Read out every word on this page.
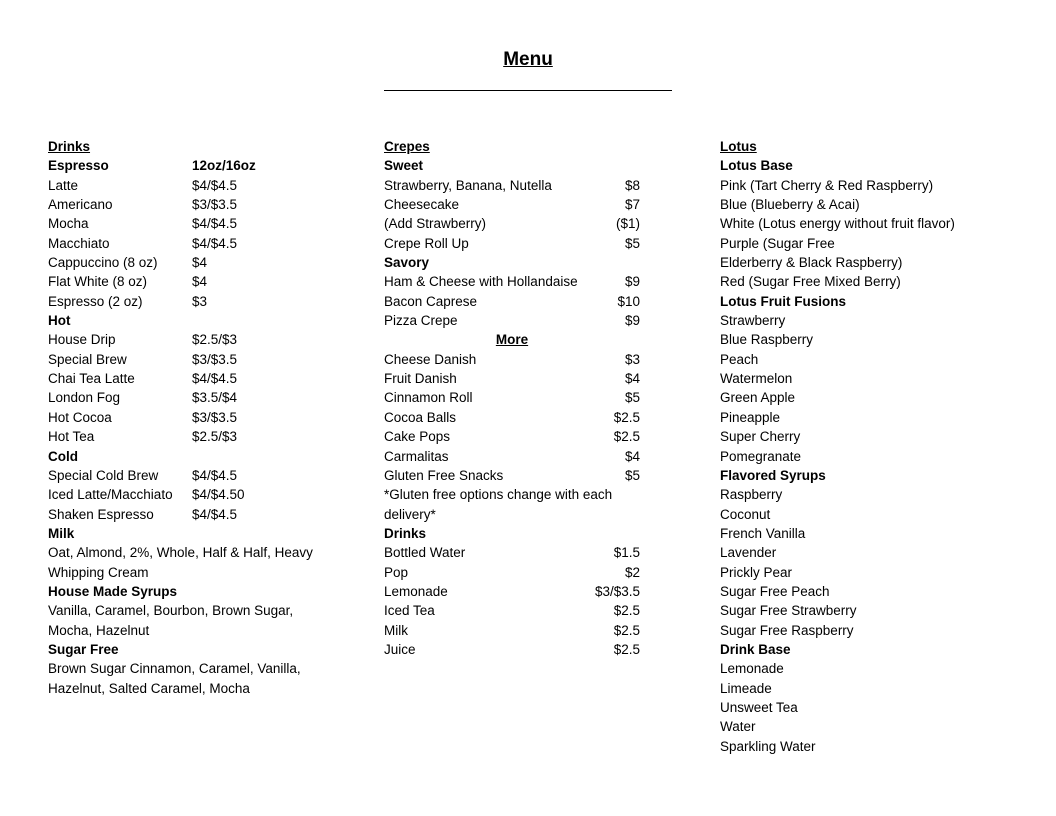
Menu
Drinks
Espresso	12oz/16oz
Latte	$4/$4.5
Americano	$3/$3.5
Mocha	$4/$4.5
Macchiato	$4/$4.5
Cappuccino (8 oz)	$4
Flat White (8 oz)	$4
Espresso (2 oz)	$3
Hot
House Drip	$2.5/$3
Special Brew	$3/$3.5
Chai Tea Latte	$4/$4.5
London Fog	$3.5/$4
Hot Cocoa	$3/$3.5
Hot Tea	$2.5/$3
Cold
Special Cold Brew $4/$4.5
Iced Latte/Macchiato $4/$4.50
Shaken Espresso	$4/$4.5
Milk
Oat, Almond, 2%, Whole, Half & Half, Heavy
Whipping Cream
House Made Syrups
Vanilla, Caramel, Bourbon, Brown Sugar,
Mocha, Hazelnut
Sugar Free
Brown Sugar Cinnamon, Caramel, Vanilla,
Hazelnut, Salted Caramel, Mocha
Crepes
Sweet
Strawberry, Banana, Nutella	$8
Cheesecake	$7
(Add Strawberry)	($1)
Crepe Roll Up	$5
Savory
Ham & Cheese with Hollandaise	$9
Bacon Caprese	$10
Pizza Crepe	$9
More
Cheese Danish	$3
Fruit Danish	$4
Cinnamon Roll	$5
Cocoa Balls	$2.5
Cake Pops	$2.5
Carmalitas	$4
Gluten Free Snacks	$5
*Gluten free options change with each
delivery*
Drinks
Bottled Water	$1.5
Pop	$2
Lemonade	$3/$3.5
Iced Tea	$2.5
Milk	$2.5
Juice	$2.5
Lotus
Lotus Base
Pink (Tart Cherry & Red Raspberry)
Blue (Blueberry & Acai)
White (Lotus energy without fruit flavor)
Purple (Sugar Free
Elderberry & Black Raspberry)
Red (Sugar Free Mixed Berry)
Lotus Fruit Fusions
Strawberry
Blue Raspberry
Peach
Watermelon
Green Apple
Pineapple
Super Cherry
Pomegranate
Flavored Syrups
Raspberry
Coconut
French Vanilla
Lavender
Prickly Pear
Sugar Free Peach
Sugar Free Strawberry
Sugar Free Raspberry
Drink Base
Lemonade
Limeade
Unsweet Tea
Water
Sparkling Water
